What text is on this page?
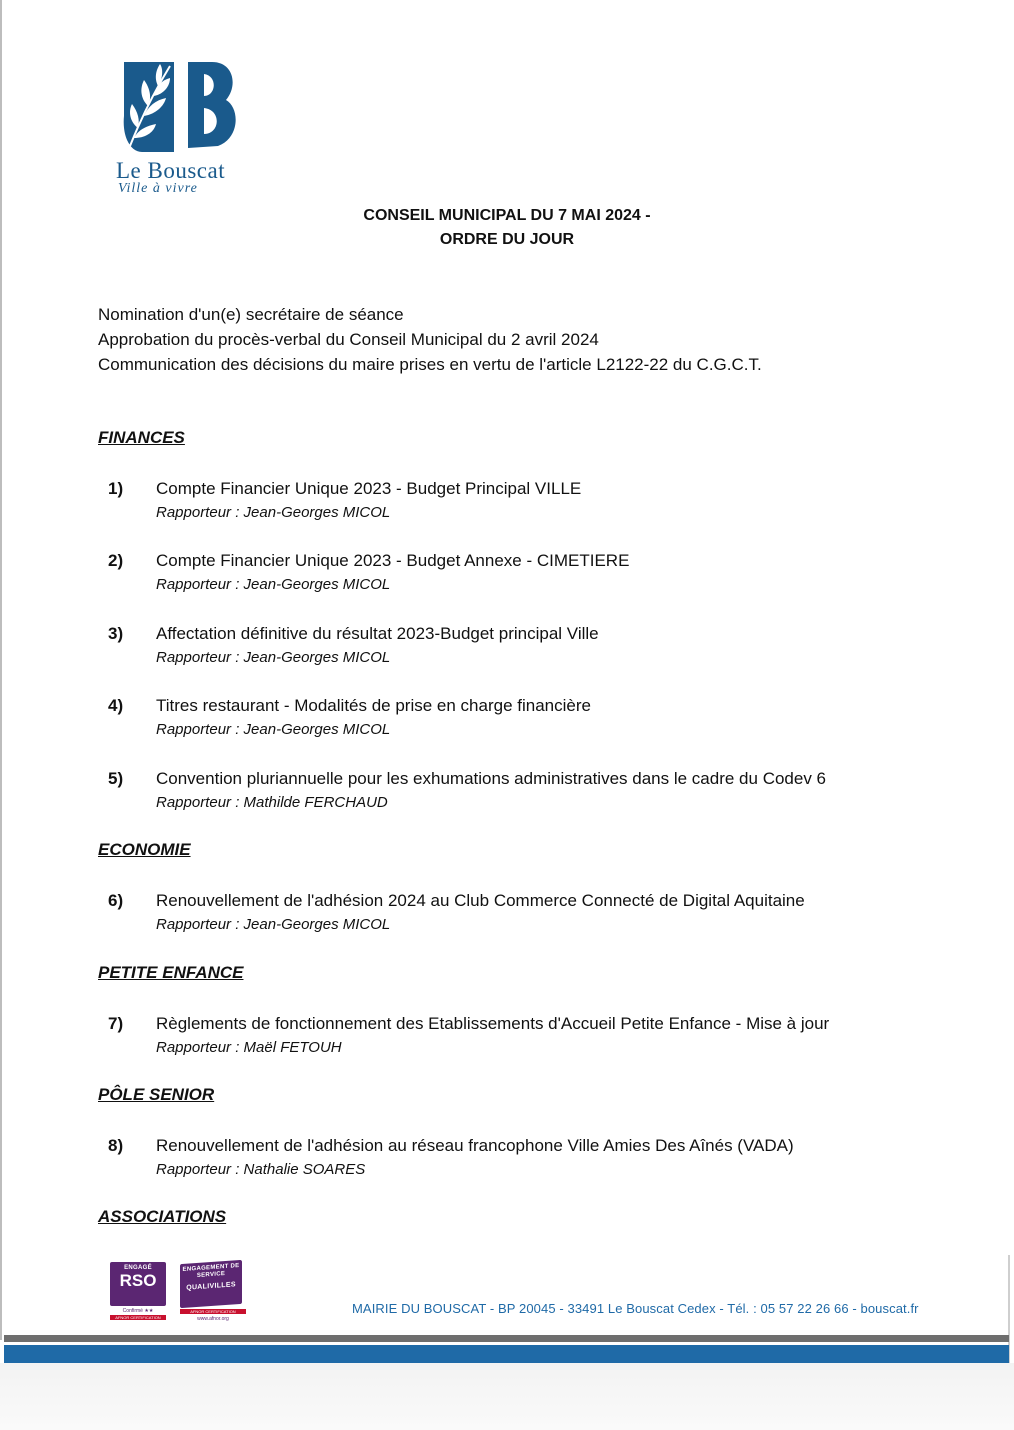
Le Bouscat
Ville à vivre
CONSEIL MUNICIPAL DU 7 MAI 2024 -
ORDRE DU JOUR
Nomination d'un(e) secrétaire de séance
Approbation du procès-verbal du Conseil Municipal du 2 avril 2024
Communication des décisions du maire prises en vertu de l'article L2122-22 du C.G.C.T.
FINANCES
ECONOMIE
PETITE ENFANCE
PÔLE SENIOR
ASSOCIATIONS
1) Compte Financier Unique 2023 - Budget Principal VILLE
Rapporteur : Jean-Georges MICOL
2) Compte Financier Unique 2023 - Budget Annexe - CIMETIERE
Rapporteur : Jean-Georges MICOL
3) Affectation définitive du résultat 2023-Budget principal Ville
Rapporteur : Jean-Georges MICOL
4) Titres restaurant - Modalités de prise en charge financière
Rapporteur : Jean-Georges MICOL
5) Convention pluriannuelle pour les exhumations administratives dans le cadre du Codev 6
Rapporteur : Mathilde FERCHAUD
6) Renouvellement de l'adhésion 2024 au Club Commerce Connecté de Digital Aquitaine
Rapporteur : Jean-Georges MICOL
7) Règlements de fonctionnement des Etablissements d'Accueil Petite Enfance - Mise à jour
Rapporteur : Maël FETOUH
8) Renouvellement de l'adhésion au réseau francophone Ville Amies Des Aînés (VADA)
Rapporteur : Nathalie SOARES
ENGAGÉ
RSO
Confirmé ★★
AFNOR CERTIFICATION
ENGAGEMENT DE SERVICE
QUALIVILLES
AFNOR CERTIFICATION
www.afnor.org
MAIRIE DU BOUSCAT - BP 20045 - 33491 Le Bouscat Cedex - Tél. : 05 57 22 26 66 - bouscat.fr
